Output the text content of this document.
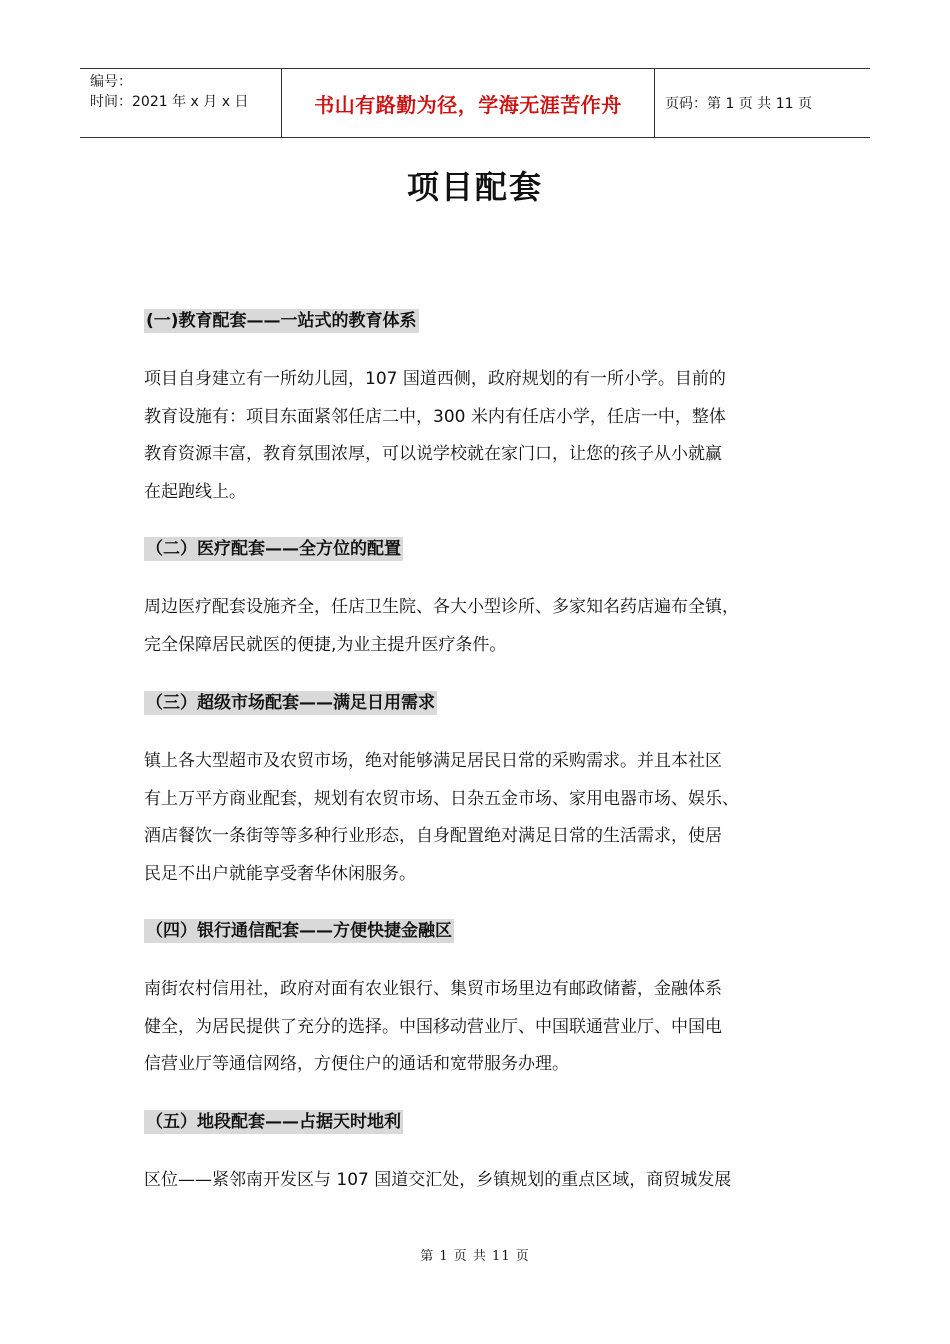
编号：
时间：2021 年 x 月 x 日	书山有路勤为径，学海无涯苦作舟	页码：第 1 页 共 11 页
项目配套
(一)教育配套——一站式的教育体系
项目自身建立有一所幼儿园，107 国道西侧，政府规划的有一所小学。目前的
教育设施有：项目东面紧邻任店二中，300 米内有任店小学，任店一中，整体
教育资源丰富，教育氛围浓厚，可以说学校就在家门口，让您的孩子从小就赢
在起跑线上。
（二）医疗配套——全方位的配置
周边医疗配套设施齐全，任店卫生院、各大小型诊所、多家知名药店遍布全镇，
完全保障居民就医的便捷,为业主提升医疗条件。
（三）超级市场配套——满足日用需求
镇上各大型超市及农贸市场，绝对能够满足居民日常的采购需求。并且本社区
有上万平方商业配套，规划有农贸市场、日杂五金市场、家用电器市场、娱乐、
酒店餐饮一条街等等多种行业形态，自身配置绝对满足日常的生活需求，使居
民足不出户就能享受奢华休闲服务。
（四）银行通信配套——方便快捷金融区
南街农村信用社，政府对面有农业银行、集贸市场里边有邮政储蓄，金融体系
健全，为居民提供了充分的选择。中国移动营业厅、中国联通营业厅、中国电
信营业厅等通信网络，方便住户的通话和宽带服务办理。
（五）地段配套——占据天时地利
区位——紧邻南开发区与 107 国道交汇处，乡镇规划的重点区域，商贸城发展
第 1 页 共 11 页
